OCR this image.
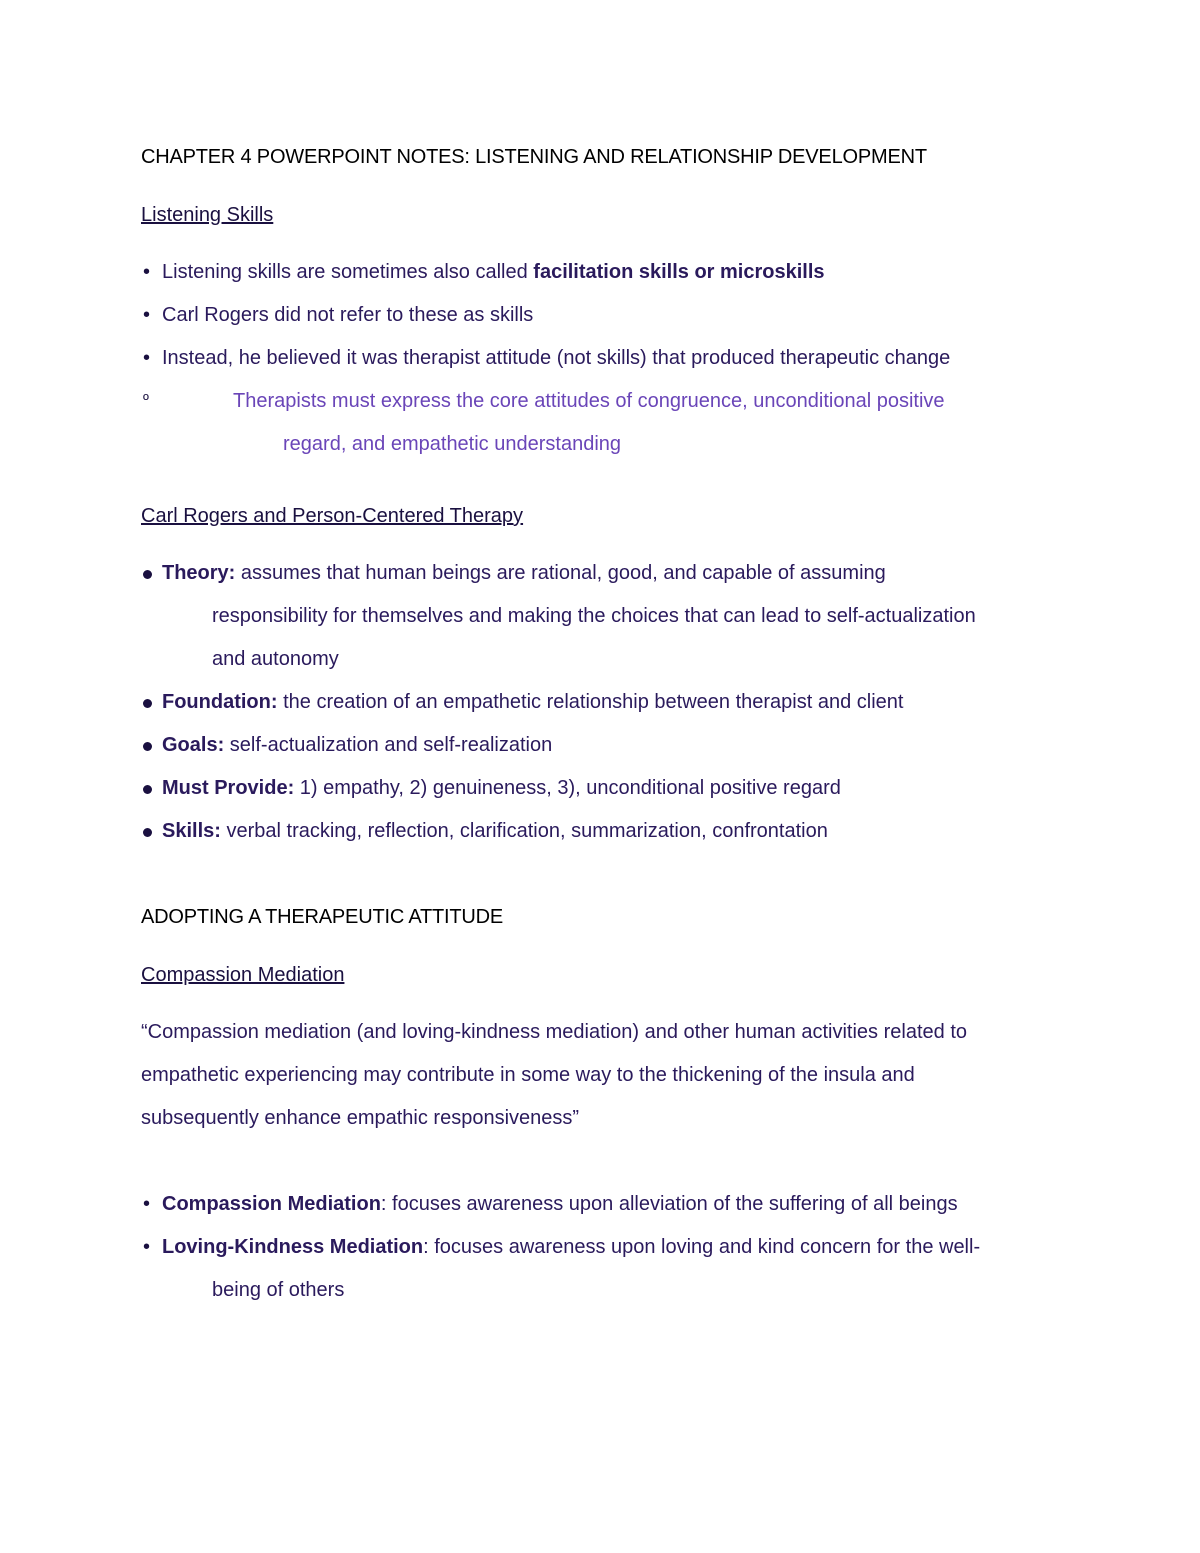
CHAPTER 4 POWERPOINT NOTES: LISTENING AND RELATIONSHIP DEVELOPMENT
Listening Skills
• Listening skills are sometimes also called facilitation skills or microskills
• Carl Rogers did not refer to these as skills
• Instead, he believed it was therapist attitude (not skills) that produced therapeutic change
º	Therapists must express the core attitudes of congruence, unconditional positive
regard, and empathetic understanding
Carl Rogers and Person-Centered Therapy
Theory: assumes that human beings are rational, good, and capable of assuming
responsibility for themselves and making the choices that can lead to self-actualization
and autonomy
Foundation: the creation of an empathetic relationship between therapist and client
Goals: self-actualization and self-realization
Must Provide: 1) empathy, 2) genuineness, 3), unconditional positive regard
Skills: verbal tracking, reflection, clarification, summarization, confrontation
ADOPTING A THERAPEUTIC ATTITUDE
Compassion Mediation
“Compassion mediation (and loving-kindness mediation) and other human activities related to
empathetic experiencing may contribute in some way to the thickening of the insula and
subsequently enhance empathic responsiveness”
• Compassion Mediation: focuses awareness upon alleviation of the suffering of all beings
• Loving-Kindness Mediation: focuses awareness upon loving and kind concern for the well-
being of others
